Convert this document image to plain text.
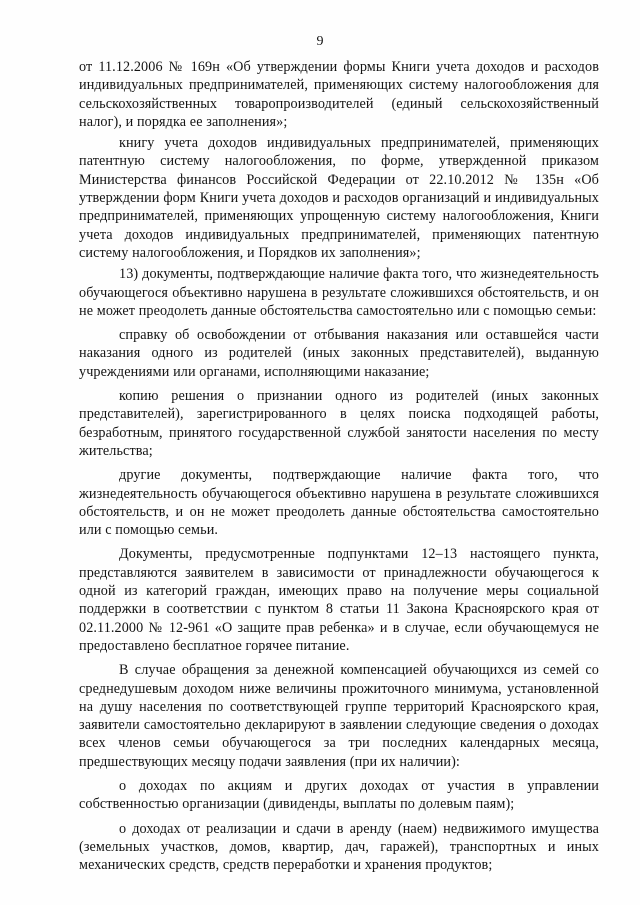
9

от 11.12.2006 № 169н «Об утверждении формы Книги учета доходов и расходов индивидуальных предпринимателей, применяющих систему налогообложения для сельскохозяйственных товаропроизводителей (единый сельскохозяйственный налог), и порядка ее заполнения»;

книгу учета доходов индивидуальных предпринимателей, применяющих патентную систему налогообложения, по форме, утвержденной приказом Министерства финансов Российской Федерации от 22.10.2012 № 135н «Об утверждении форм Книги учета доходов и расходов организаций и индивидуальных предпринимателей, применяющих упрощенную систему налогообложения, Книги учета доходов индивидуальных предпринимателей, применяющих патентную систему налогообложения, и Порядков их заполнения»;

13) документы, подтверждающие наличие факта того, что жизнедеятельность обучающегося объективно нарушена в результате сложившихся обстоятельств, и он не может преодолеть данные обстоятельства самостоятельно или с помощью семьи:

справку об освобождении от отбывания наказания или оставшейся части наказания одного из родителей (иных законных представителей), выданную учреждениями или органами, исполняющими наказание;

копию решения о признании одного из родителей (иных законных представителей), зарегистрированного в целях поиска подходящей работы, безработным, принятого государственной службой занятости населения по месту жительства;

другие документы, подтверждающие наличие факта того, что жизнедеятельность обучающегося объективно нарушена в результате сложившихся обстоятельств, и он не может преодолеть данные обстоятельства самостоятельно или с помощью семьи.

Документы, предусмотренные подпунктами 12–13 настоящего пункта, представляются заявителем в зависимости от принадлежности обучающегося к одной из категорий граждан, имеющих право на получение меры социальной поддержки в соответствии с пунктом 8 статьи 11 Закона Красноярского края от 02.11.2000 № 12-961 «О защите прав ребенка» и в случае, если обучающемуся не предоставлено бесплатное горячее питание.

В случае обращения за денежной компенсацией обучающихся из семей со среднедушевым доходом ниже величины прожиточного минимума, установленной на душу населения по соответствующей группе территорий Красноярского края, заявители самостоятельно декларируют в заявлении следующие сведения о доходах всех членов семьи обучающегося за три последних календарных месяца, предшествующих месяцу подачи заявления (при их наличии):

о доходах по акциям и других доходах от участия в управлении собственностью организации (дивиденды, выплаты по долевым паям);

о доходах от реализации и сдачи в аренду (наем) недвижимого имущества (земельных участков, домов, квартир, дач, гаражей), транспортных и иных механических средств, средств переработки и хранения продуктов;
